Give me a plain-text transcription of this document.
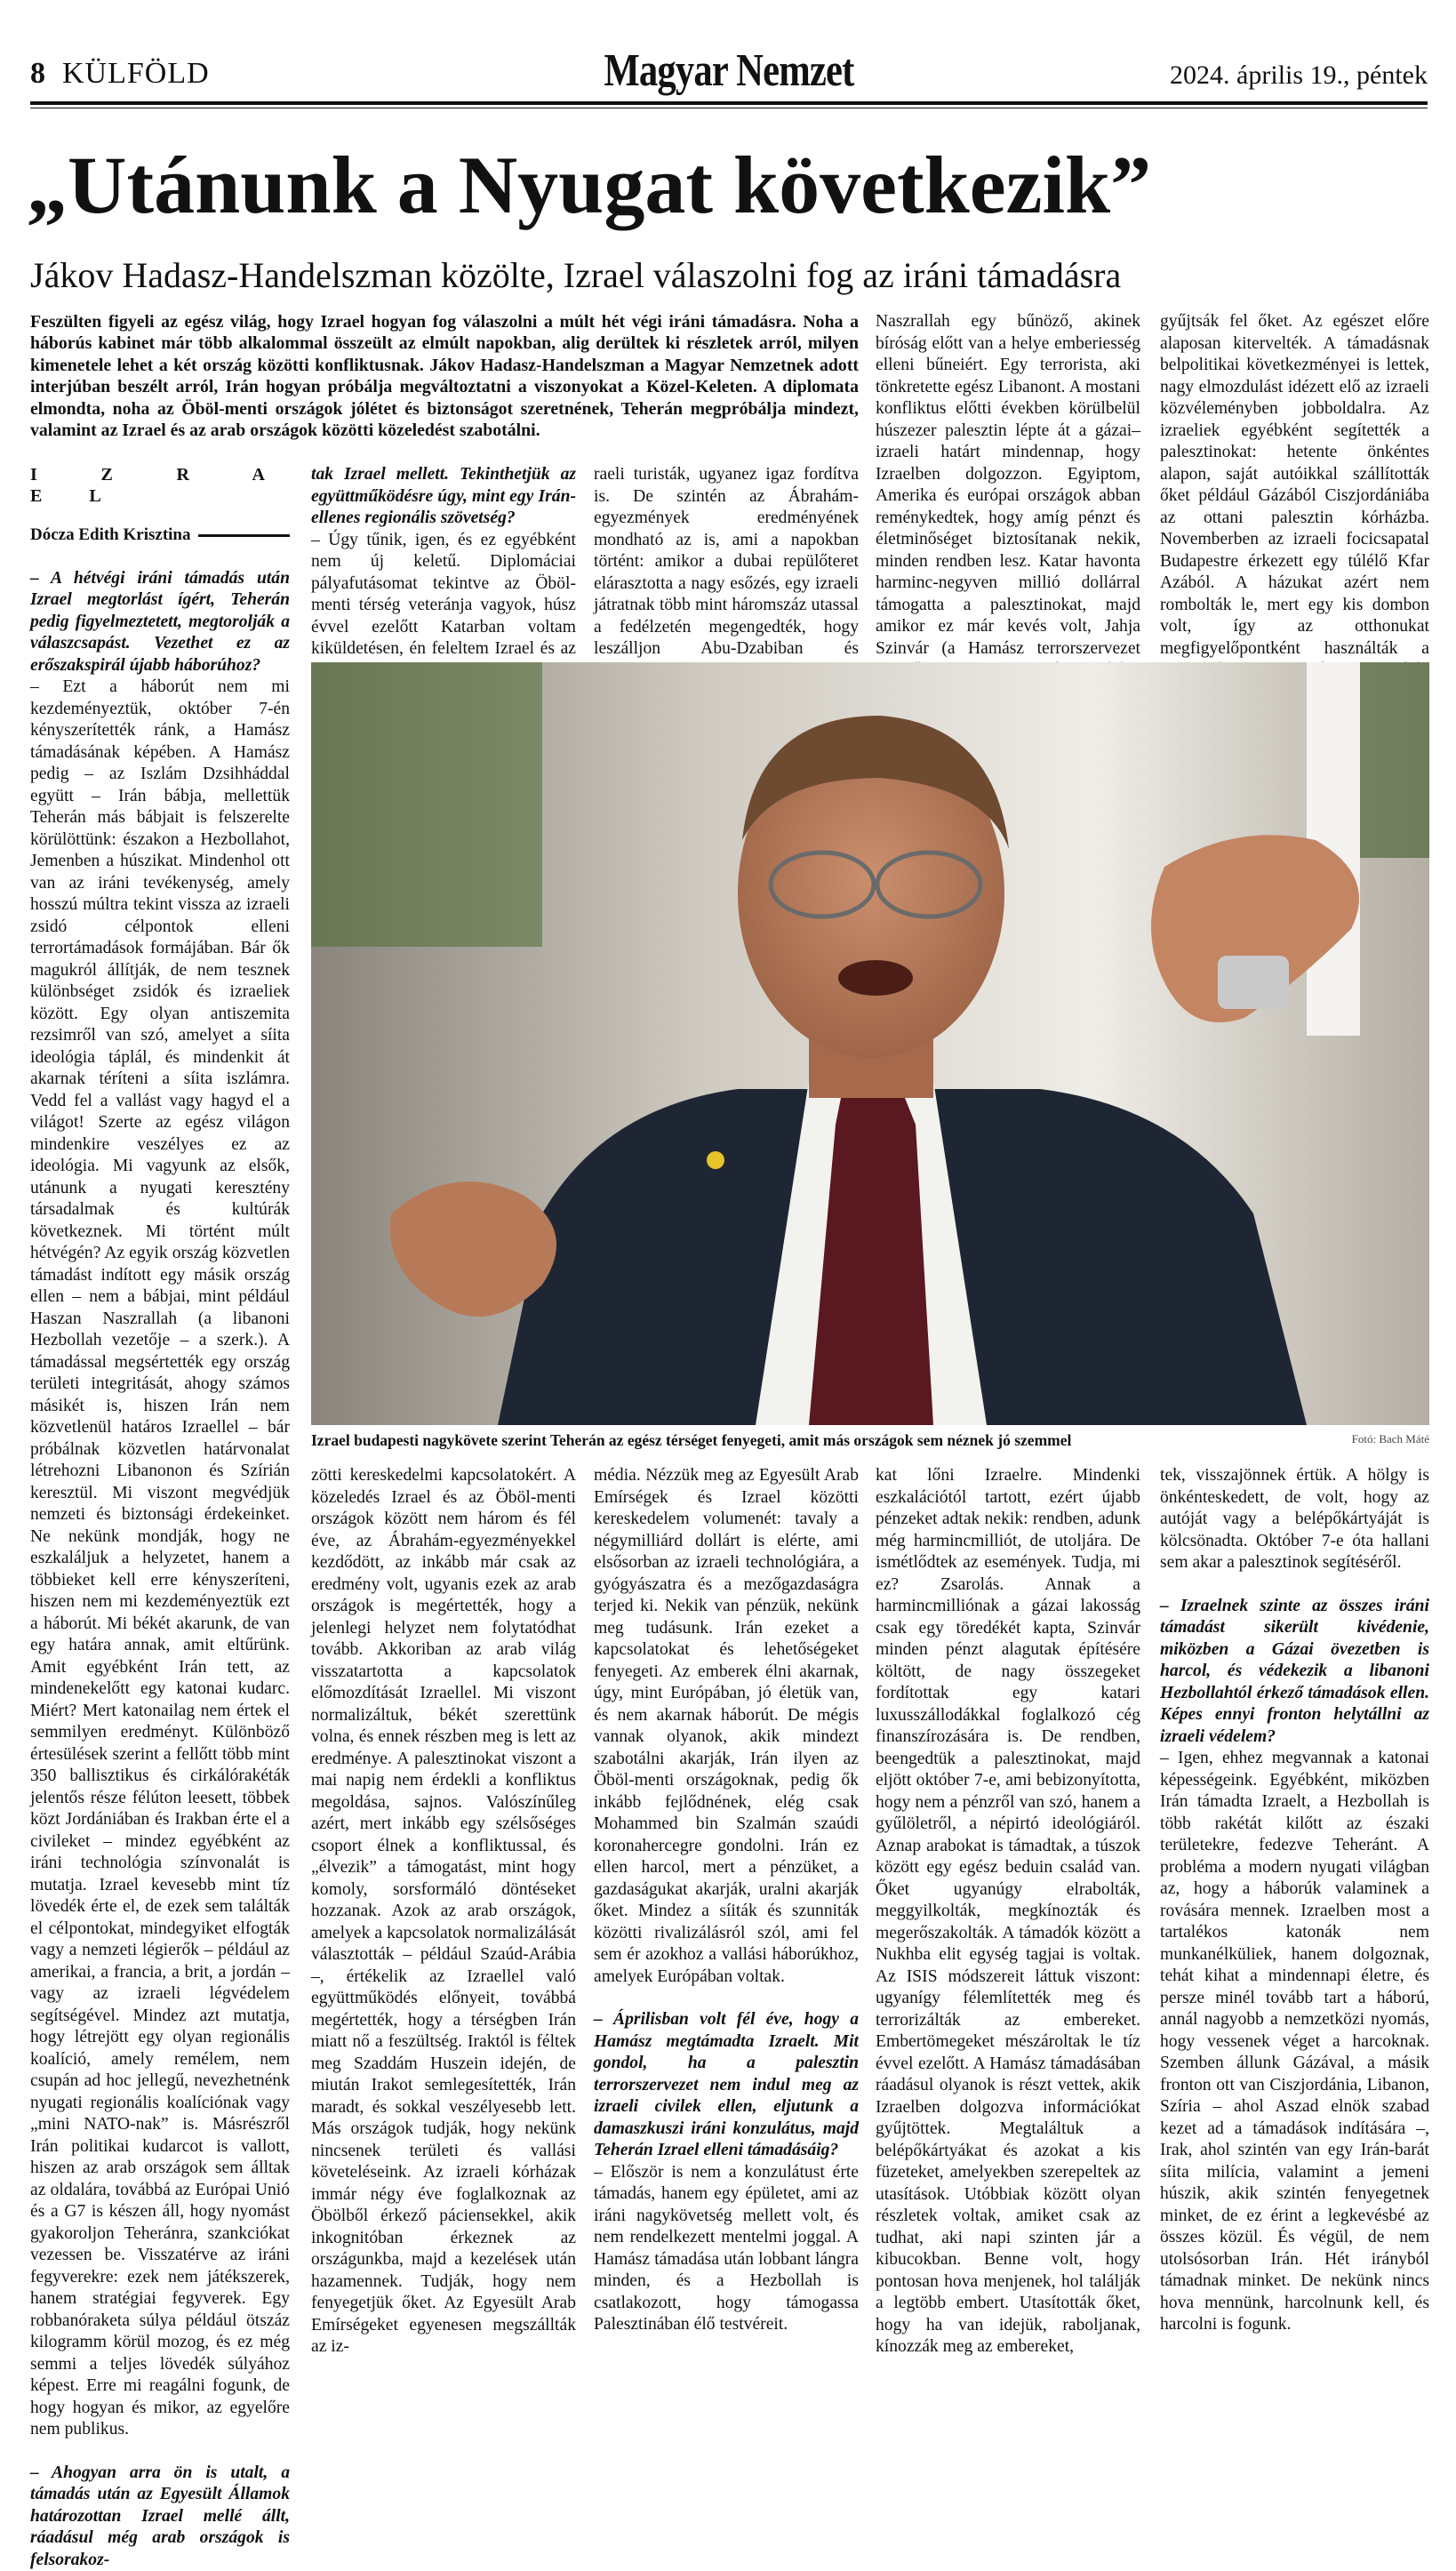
8 KÜLFÖLD	Magyar Nemzet	2024. április 19., péntek
„Utánunk a Nyugat következik”
Jákov Hadasz-Handelszman közölte, Izrael válaszolni fog az iráni támadásra

Feszülten figyeli az egész világ, hogy Izrael hogyan fog válaszolni a múlt hét végi iráni támadásra. Noha a háborús kabinet már több alkalommal összeült az elmúlt napokban, alig derültek ki részletek arról, milyen kimenetele lehet a két ország közötti konfliktusnak. Jákov Hadasz-Handelszman a Magyar Nemzetnek adott interjúban beszélt arról, Irán hogyan próbálja megváltoztatni a viszonyokat a Közel-Keleten. A diplomata elmondta, noha az Öböl-menti országok jólétet és biztonságot szeretnének, Teherán megpróbálja mindezt, valamint az Izrael és az arab országok közötti közeledést szabotálni.

I Z R A E L
Dócza Edith Krisztina

– A hétvégi iráni támadás után Izrael megtorlást ígért, Teherán pedig figyelmeztetett, megtorolják a válaszcsapást. Vezethet ez az erőszakspirál újabb háborúhoz?

– Ezt a háborút nem mi kezdeményeztük, október 7-én kényszerítették ránk, a Hamász támadásának képében. A Hamász pedig – az Iszlám Dzsihháddal együtt – Irán bábja, mellettük Teherán más bábjait is felszerelte körülöttünk: északon a Hezbollahot, Jemenben a húszikat. Mindenhol ott van az iráni tevékenység, amely hosszú múltra tekint vissza az izraeli zsidó célpontok elleni terrortámadások formájában. Bár ők magukról állítják, de nem tesznek különbséget zsidók és izraeliek között. Egy olyan antiszemita rezsimről van szó, amelyet a síita ideológia táplál, és mindenkit át akarnak téríteni a síita iszlámra. Vedd fel a vallást vagy hagyd el a világot! Szerte az egész világon mindenkire veszélyes ez az ideológia. Mi vagyunk az elsők, utánunk a nyugati keresztény társadalmak és kultúrák következnek. Mi történt múlt hétvégén? Az egyik ország közvetlen támadást indított egy másik ország ellen – nem a bábjai, mint például Haszan Naszrallah (a libanoni Hezbollah vezetője – a szerk.). A támadással megsértették egy ország területi integritását, ahogy számos másikét is, hiszen Irán nem közvetlenül határos Izraellel – bár próbálnak közvetlen határvonalat létrehozni Libanonon és Szírián keresztül. Mi viszont megvédjük nemzeti és biztonsági érdekeinket. Ne nekünk mondják, hogy ne eszkaláljuk a helyzetet, hanem a többieket kell erre kényszeríteni, hiszen nem mi kezdeményeztük ezt a háborút. Mi békét akarunk, de van egy határa annak, amit eltűrünk. Amit egyébként Irán tett, az mindenekelőtt egy katonai kudarc. Miért? Mert katonailag nem értek el semmilyen eredményt. Különböző értesülések szerint a fellőtt több mint 350 ballisztikus és cirkálórakéták jelentős része félúton leesett, többek közt Jordániában és Irakban érte el a civileket – mindez egyébként az iráni technológia színvonalát is mutatja. Izrael kevesebb mint tíz lövedék érte el, de ezek sem találták el célpontokat, mindegyiket elfogták vagy a nemzeti légierők – például az amerikai, a francia, a brit, a jordán – vagy az izraeli légvédelem segítségével. Mindez azt mutatja, hogy létrejött egy olyan regionális koalíció, amely remélem, nem csupán ad hoc jellegű, nevezhetnénk nyugati regionális koalíciónak vagy „mini NATO-nak” is. Másrészről Irán politikai kudarcot is vallott, hiszen az arab országok sem álltak az oldalára, továbbá az Európai Unió és a G7 is készen áll, hogy nyomást gyakoroljon Teheránra, szankciókat vezessen be. Visszatérve az iráni fegyverekre: ezek nem játékszerek, hanem stratégiai fegyverek. Egy robbanóraketa súlya például ötszáz kilogramm körül mozog, és ez még semmi a teljes lövedék súlyához képest. Erre mi reagálni fogunk, de hogy hogyan és mikor, az egyelőre nem publikus.

– Ahogyan arra ön is utalt, a támadás után az Egyesült Államok határozottan Izrael mellé állt, ráadásul még arab országok is felsorakoz-

tak Izrael mellett. Tekinthetjük az együttműködésre úgy, mint egy Irán-ellenes regionális szövetség?

– Úgy tűnik, igen, és ez egyébként nem új keletű. Diplomáciai pályafutásomat tekintve az Öböl-menti térség veteránja vagyok, húsz évvel ezelőtt Katarban voltam kiküldetésen, én feleltem Izrael és az

raeli turisták, ugyanez igaz fordítva is. De szintén az Ábrahám-egyezmények eredményének mondható az is, ami a napokban történt: amikor a dubai repülőteret elárasztotta a nagy esőzés, egy izraeli játratnak több mint háromszáz utassal a fedélzetén megengedték, hogy leszálljon Abu-Dzabiban és

Naszrallah egy bűnöző, akinek bíróság előtt van a helye emberiesség elleni bűneiért. Egy terrorista, aki tönkretette egész Libanont. A mostani konfliktus előtti években körülbelül húszezer palesztin lépte át a gázai–izraeli határt mindennap, hogy Izraelben dolgozzon. Egyiptom, Amerika és európai országok abban reménykedtek, hogy amíg pénzt és életminőséget biztosítanak nekik, minden rendben lesz. Katar havonta harminc-negyven millió dollárral támogatta a palesztinokat, majd amikor ez már kevés volt, Jahja Szinvár (a Hamász terrorszervezet

gyűjtsák fel őket. Az egészet előre alaposan kitervelték. A támadásnak belpolitikai következményei is lettek, nagy elmozdulást idézett elő az izraeli közvéleményben jobboldalra. Az izraeliek egyébként segítették a palesztinokat: hetente önkéntes alapon, saját autóikkal szállították őket például Gázából Ciszjordániába az ottani palesztin kórházba. Novemberben az izraeli focicsapatal Budapestre érkezett egy túlélő Kfar Azából. A házukat azért nem rombolták le, mert egy kis dombon volt, így az otthonukat megfigyelőpontként használták a

Izrael budapesti nagykövete szerint Teherán az egész térséget fenyegeti, amit más országok sem néznek jó szemmel	Fotó: Bach Máté

zötti kereskedelmi kapcsolatokért. A közeledés Izrael és az Öböl-menti országok között nem három és fél éve, az Ábrahám-egyezményekkel kezdődött, az inkább már csak az eredmény volt, ugyanis ezek az arab országok is megértették, hogy a jelenlegi helyzet nem folytatódhat tovább. Akkoriban az arab világ visszatartotta a kapcsolatok előmozdítását Izraellel. Mi viszont normalizáltuk, békét szerettünk volna, és ennek részben meg is lett az eredménye. A palesztinokat viszont a mai napig nem érdekli a konfliktus megoldása, sajnos. Valószínűleg azért, mert inkább egy szélsőséges csoport élnek a konfliktussal, és „élvezik” a támogatást, mint hogy komoly, sorsformáló döntéseket hozzanak. Azok az arab országok, amelyek a kapcsolatok normalizálását választották – például Szaúd-Arábia –, értékelik az Izraellel való együttműködés előnyeit, továbbá megértették, hogy a térségben Irán miatt nő a feszültség. Iraktól is féltek meg Szaddám Huszein idején, de miután Irakot semlegesítették, Irán maradt, és sokkal veszélyesebb lett. Más országok tudják, hogy nekünk nincsenek területi és vallási követeléseink. Az izraeli kórházak immár négy éve foglalkoznak az Öbölből érkező páciensekkel, akik inkognitóban érkeznek az országunkba, majd a kezelések után hazamennek. Tudják, hogy nem fenyegetjük őket. Az Egyesült Arab Emírségeket egyenesen megszállták az iz-

média. Nézzük meg az Egyesült Arab Emírségek és Izrael közötti kereskedelem volumenét: tavaly a négymilliárd dollárt is elérte, ami elsősorban az izraeli technológiára, a gyógyászatra és a mezőgazdaságra terjed ki. Nekik van pénzük, nekünk meg tudásunk. Irán ezeket a kapcsolatokat és lehetőségeket fenyegeti. Az emberek élni akarnak, úgy, mint Európában, jó életük van, és nem akarnak háborút. De mégis vannak olyanok, akik mindezt szabotálni akarják, Irán ilyen az Öböl-menti országoknak, pedig ők inkább fejlődnének, elég csak Mohammed bin Szalmán szaúdi koronahercegre gondolni. Irán ez ellen harcol, mert a pénzüket, a gazdaságukat akarják, uralni akarják őket. Mindez a síiták és szunniták közötti rivalizálásról szól, ami fel sem ér azokhoz a vallási háborúkhoz, amelyek Európában voltak.

– Áprilisban volt fél éve, hogy a Hamász megtámadta Izraelt. Mit gondol, ha a palesztin terrorszervezet nem indul meg az izraeli civilek ellen, eljutunk a damaszkuszi iráni konzulátus, majd Teherán Izrael elleni támadásáig?

– Először is nem a konzulátust érte támadás, hanem egy épületet, ami az iráni nagykövetség mellett volt, és nem rendelkezett mentelmi joggal. A Hamász támadása után lobbant lángra minden, és a Hezbollah is csatlakozott, hogy támogassa Palesztinában élő testvéreit.

kat lőni Izraelre. Mindenki eszkalációtól tartott, ezért újabb pénzeket adtak nekik: rendben, adunk még harmincmilliót, de utoljára. De ismétlődtek az események. Tudja, mi ez? Zsarolás. Annak a harmincmilliónak a gázai lakosság csak egy töredékét kapta, Szinvár minden pénzt alagutak építésére költött, de nagy összegeket fordítottak egy katari luxusszállodákkal foglalkozó cég finanszírozására is. De rendben, beengedtük a palesztinokat, majd eljött október 7-e, ami bebizonyította, hogy nem a pénzről van szó, hanem a gyűlöletről, a népirtó ideológiáról. Aznap arabokat is támadtak, a túszok között egy egész beduin család van. Őket ugyanúgy elrabolták, meggyilkolták, megkínozták és megerőszakolták. A támadók között a Nukhba elit egység tagjai is voltak. Az ISIS módszereit láttuk viszont: ugyanígy félemlítették meg és terrorizálták az embereket. Embertömegeket mészároltak le tíz évvel ezelőtt. A Hamász támadásában ráadásul olyanok is részt vettek, akik Izraelben dolgozva információkat gyűjtöttek. Megtaláltuk a belépőkártyákat és azokat a kis füzeteket, amelyekben szerepeltek az utasítások. Utóbbiak között olyan részletek voltak, amiket csak az tudhat, aki napi szinten jár a kibucokban. Benne volt, hogy pontosan hova menjenek, hol találják a legtöbb embert. Utasították őket, hogy ha van idejük, raboljanak, kínozzák meg az embereket,

tek, visszajönnek értük. A hölgy is önkénteskedett, de volt, hogy az autóját vagy a belépőkártyáját is kölcsönadta. Október 7-e óta hallani sem akar a palesztinok segítéséről.

– Izraelnek szinte az összes iráni támadást sikerült kivédenie, miközben a Gázai övezetben is harcol, és védekezik a libanoni Hezbollahtól érkező támadások ellen. Képes ennyi fronton helytállni az izraeli védelem?

– Igen, ehhez megvannak a katonai képességeink. Egyébként, miközben Irán támadta Izraelt, a Hezbollah is több rakétát kilőtt az északi területekre, fedezve Teheránt. A probléma a modern nyugati világban az, hogy a háborúk valaminek a rovására mennek. Izraelben most a tartalékos katonák nem munkanélküliek, hanem dolgoznak, tehát kihat a mindennapi életre, és persze minél tovább tart a háború, annál nagyobb a nemzetközi nyomás, hogy vessenek véget a harcoknak. Szemben állunk Gázával, a másik fronton ott van Ciszjordánia, Libanon, Szíria – ahol Aszad elnök szabad kezet ad a támadások indítására –, Irak, ahol szintén van egy Irán-barát síita milícia, valamint a jemeni húszik, akik szintén fenyegetnek minket, de ez érint a legkevésbé az összes közül. És végül, de nem utolsósorban Irán. Hét irányból támadnak minket. De nekünk nincs hova mennünk, harcolnunk kell, és harcolni is fogunk.
